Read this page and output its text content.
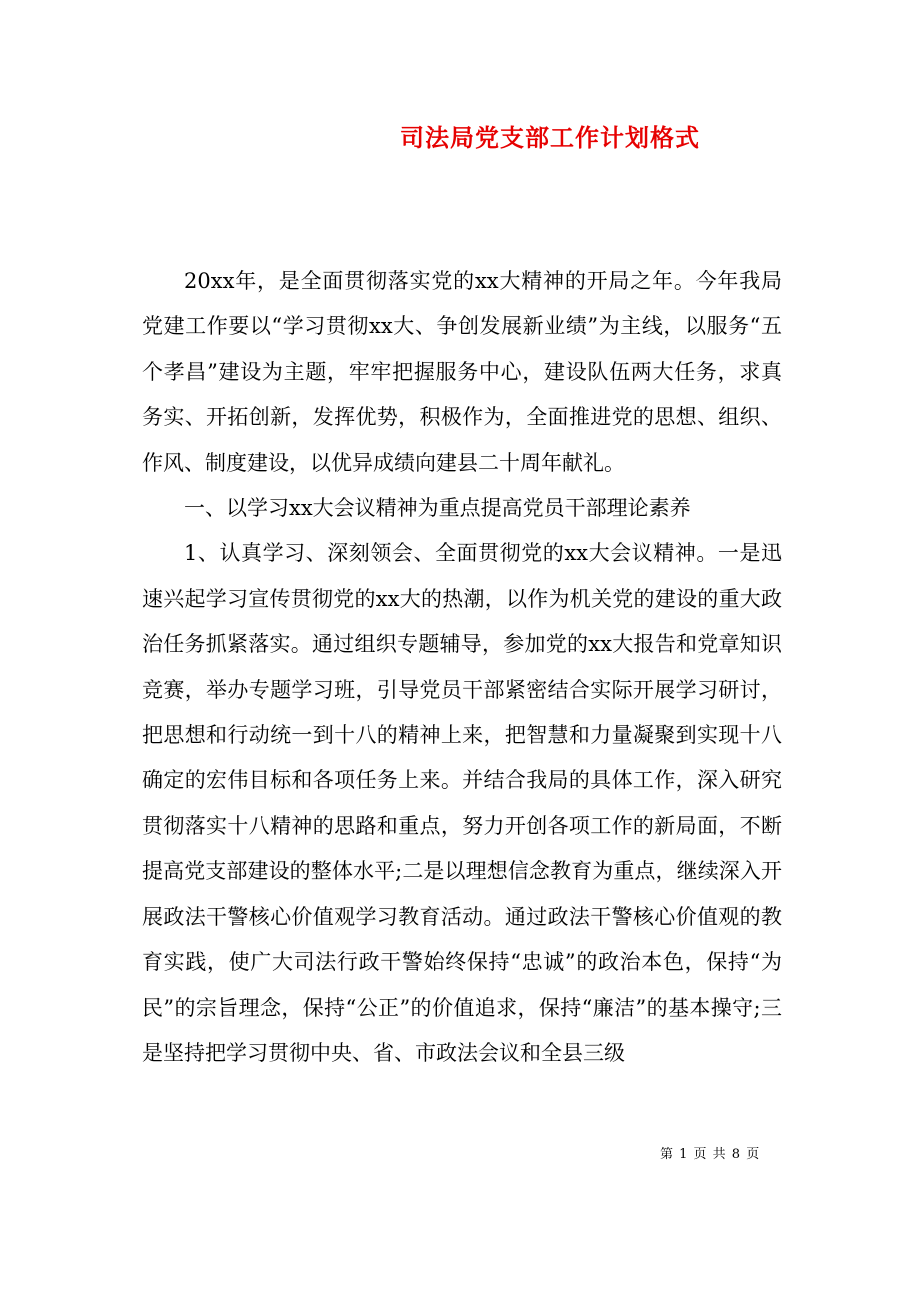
司法局党支部工作计划格式

20xx年，是全面贯彻落实党的xx大精神的开局之年。今年我局党建工作要以“学习贯彻xx大、争创发展新业绩”为主线，以服务“五个孝昌”建设为主题，牢牢把握服务中心，建设队伍两大任务，求真务实、开拓创新，发挥优势，积极作为，全面推进党的思想、组织、作风、制度建设，以优异成绩向建县二十周年献礼。

一、以学习xx大会议精神为重点提高党员干部理论素养

1、认真学习、深刻领会、全面贯彻党的xx大会议精神。一是迅速兴起学习宣传贯彻党的xx大的热潮，以作为机关党的建设的重大政治任务抓紧落实。通过组织专题辅导，参加党的xx大报告和党章知识竞赛，举办专题学习班，引导党员干部紧密结合实际开展学习研讨，把思想和行动统一到十八的精神上来，把智慧和力量凝聚到实现十八确定的宏伟目标和各项任务上来。并结合我局的具体工作，深入研究贯彻落实十八精神的思路和重点，努力开创各项工作的新局面，不断提高党支部建设的整体水平;二是以理想信念教育为重点，继续深入开展政法干警核心价值观学习教育活动。通过政法干警核心价值观的教育实践，使广大司法行政干警始终保持“忠诚”的政治本色，保持“为民”的宗旨理念，保持“公正”的价值追求，保持“廉洁”的基本操守;三是坚持把学习贯彻中央、省、市政法会议和全县三级

第 1 页 共 8 页
